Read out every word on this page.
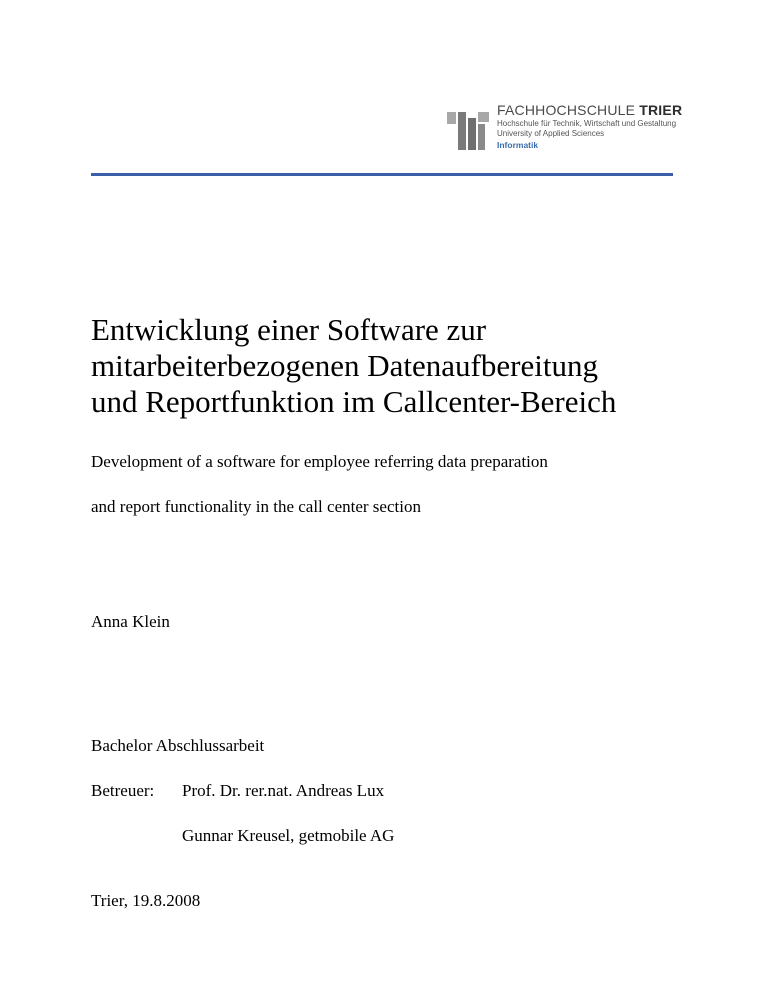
FACHHOCHSCHULE TRIER
Hochschule für Technik, Wirtschaft und Gestaltung
University of Applied Sciences
Informatik
Entwicklung einer Software zur
mitarbeiterbezogenen Datenaufbereitung
und Reportfunktion im Callcenter-Bereich
Development of a software for employee referring data preparation
and report functionality in the call center section
Anna Klein
Bachelor Abschlussarbeit
Betreuer:	Prof. Dr. rer.nat. Andreas Lux
Gunnar Kreusel, getmobile AG
Trier, 19.8.2008
